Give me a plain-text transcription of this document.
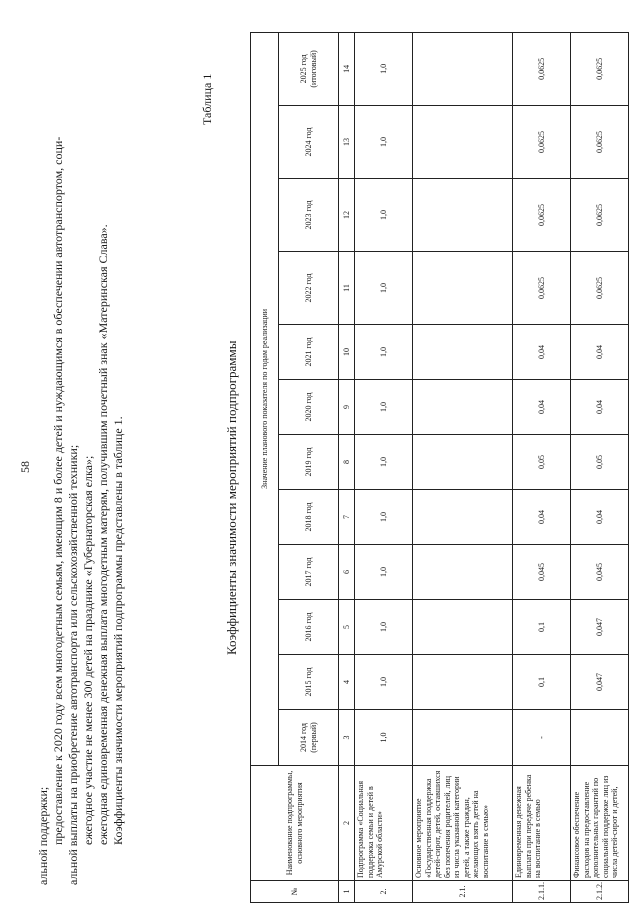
58

альной поддержки; предоставление к 2020 году всем многодетным семьям, имеющим 8 и более детей и нуждающимся в обеспечении автотранспортом, соци- альной выплаты на приобретение автотранспорта или сельскохозяйственной техники; ежегодное участие не менее 300 детей на празднике «Губернаторская елка»; ежегодная единовременная денежная выплата многодетным матерям, получившим почетный знак «Материнская Слава». Коэффициенты значимости мероприятий подпрограммы представлены в таблице 1.

Таблица 1
Коэффициенты значимости мероприятий подпрограммы
№	Наименование подпрограммы, основного мероприятия	Значение планового показателя по годам реализации											
		2014 год (первый)	2015 год	2016 год	2017 год	2018 год	2019 год	2020 год	2021 год	2022 год	2023 год	2024 год	2025 год (итоговый)
1	2	3	4	5	6	7	8	9	10	11	12	13	14
2.	Подпрограмма «Социальная поддержка семьи и детей в Амурской области»	1,0	1,0	1,0	1,0	1,0	1,0	1,0	1,0	1,0	1,0	1,0	1,0
2.1.	Основное мероприятие «Государственная поддержка детей-сирот, детей, оставшихся без попечения родителей, лиц из числа указанной категории детей, а также граждан, желающих взять детей на воспитание в семью»												
2.1.1.	Единовременная денежная выплата при передаче ребенка на воспитание в семью	-	0,1	0,1	0,045	0,04	0,05	0,04	0,04	0,0625	0,0625	0,0625	0,0625
2.1.2.	Финансовое обеспечение расходов на предоставление дополнительных гарантий по социальной поддержке лиц из числа детей-сирот и детей,		0,047	0,047	0,045	0,04	0,05	0,04	0,04	0,0625	0,0625	0,0625	0,0625
